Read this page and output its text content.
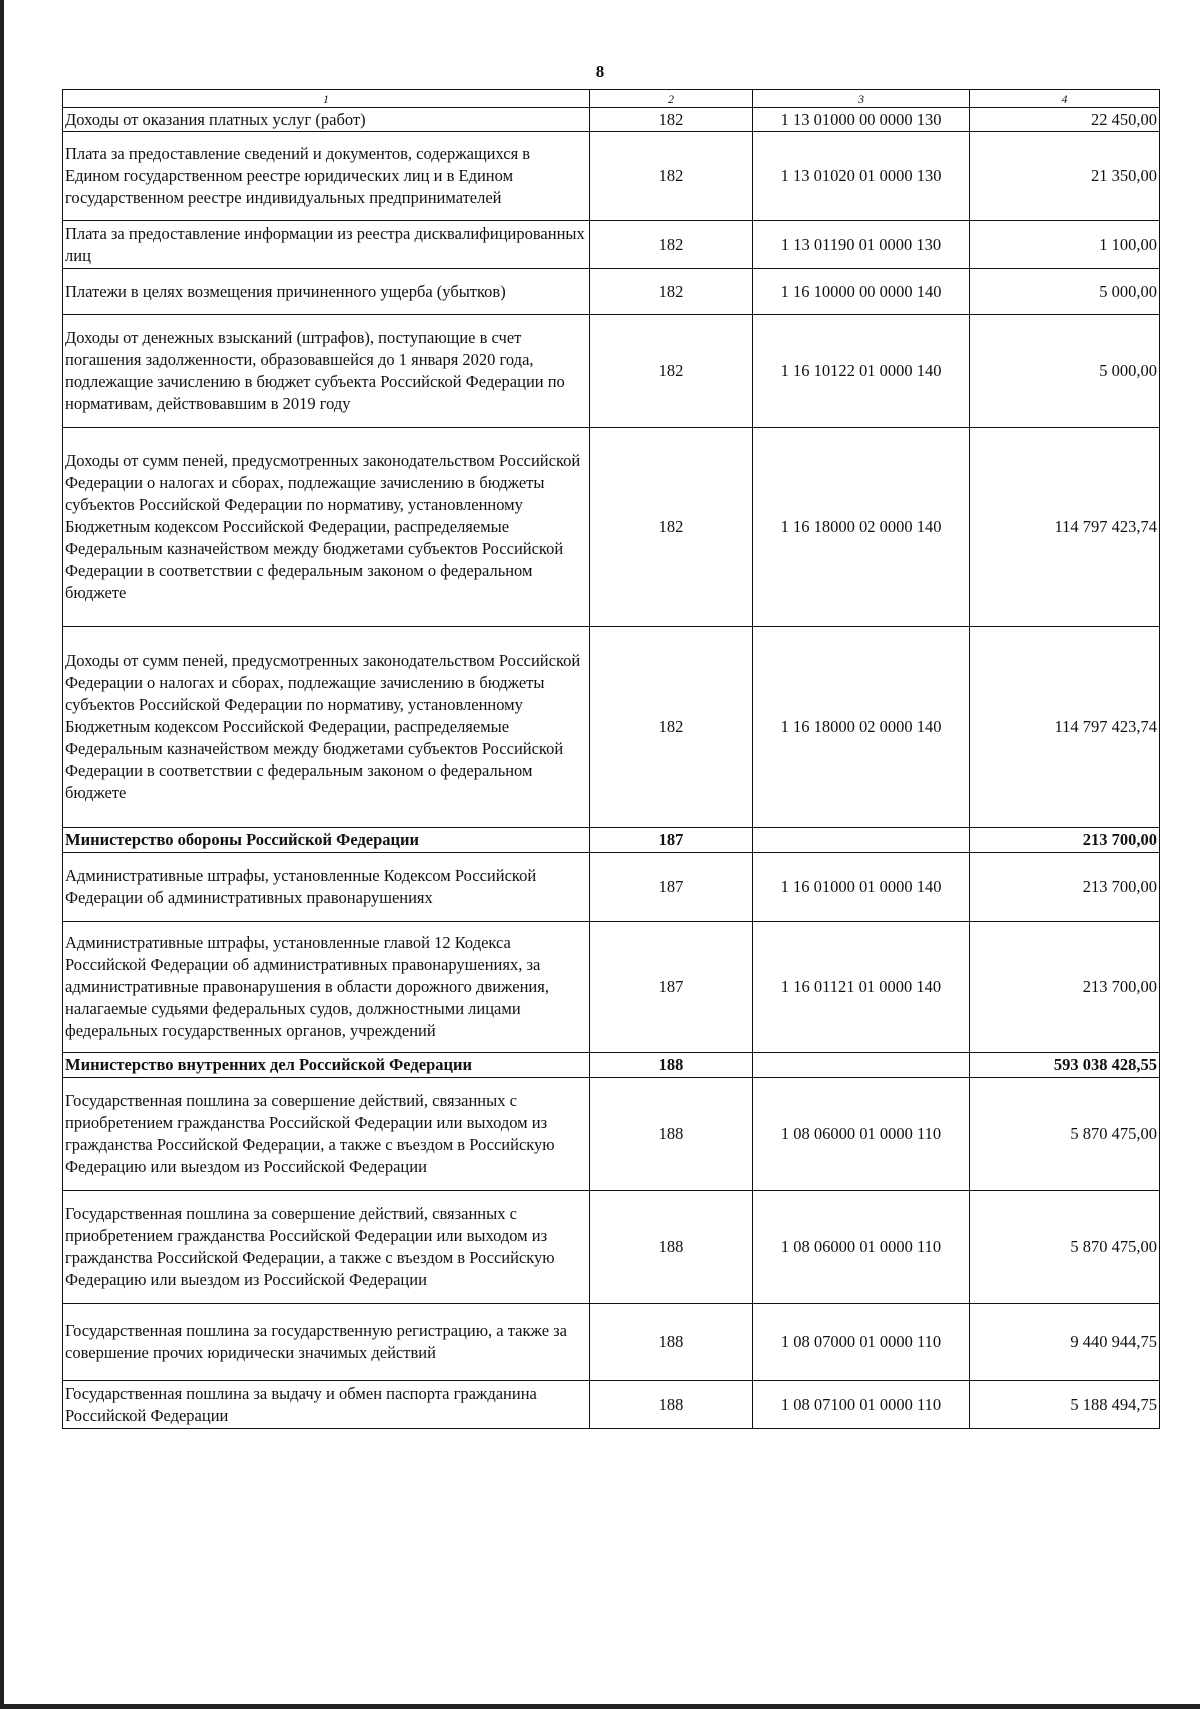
8
1	2	3	4
Доходы от оказания платных услуг (работ)	182	1 13 01000 00 0000 130	22 450,00
Плата за предоставление сведений и документов, содержащихся в Едином государственном реестре юридических лиц и в Едином государственном реестре индивидуальных предпринимателей	182	1 13 01020 01 0000 130	21 350,00
Плата за предоставление информации из реестра дисквалифицированных лиц	182	1 13 01190 01 0000 130	1 100,00
Платежи в целях возмещения причиненного ущерба (убытков)	182	1 16 10000 00 0000 140	5 000,00
Доходы от денежных взысканий (штрафов), поступающие в счет погашения задолженности, образовавшейся до 1 января 2020 года, подлежащие зачислению в бюджет субъекта Российской Федерации по нормативам, действовавшим в 2019 году	182	1 16 10122 01 0000 140	5 000,00
Доходы от сумм пеней, предусмотренных законодательством Российской Федерации о налогах и сборах, подлежащие зачислению в бюджеты субъектов Российской Федерации по нормативу, установленному Бюджетным кодексом Российской Федерации, распределяемые Федеральным казначейством между бюджетами субъектов Российской Федерации в соответствии с федеральным законом о федеральном бюджете	182	1 16 18000 02 0000 140	114 797 423,74
Доходы от сумм пеней, предусмотренных законодательством Российской Федерации о налогах и сборах, подлежащие зачислению в бюджеты субъектов Российской Федерации по нормативу, установленному Бюджетным кодексом Российской Федерации, распределяемые Федеральным казначейством между бюджетами субъектов Российской Федерации в соответствии с федеральным законом о федеральном бюджете	182	1 16 18000 02 0000 140	114 797 423,74
Министерство обороны Российской Федерации	187		213 700,00
Административные штрафы, установленные Кодексом Российской Федерации об административных правонарушениях	187	1 16 01000 01 0000 140	213 700,00
Административные штрафы, установленные главой 12 Кодекса Российской Федерации об административных правонарушениях, за административные правонарушения в области дорожного движения, налагаемые судьями федеральных судов, должностными лицами федеральных государственных органов, учреждений	187	1 16 01121 01 0000 140	213 700,00
Министерство внутренних дел Российской Федерации	188		593 038 428,55
Государственная пошлина за совершение действий, связанных с приобретением гражданства Российской Федерации или выходом из гражданства Российской Федерации, а также с въездом в Российскую Федерацию или выездом из Российской Федерации	188	1 08 06000 01 0000 110	5 870 475,00
Государственная пошлина за совершение действий, связанных с приобретением гражданства Российской Федерации или выходом из гражданства Российской Федерации, а также с въездом в Российскую Федерацию или выездом из Российской Федерации	188	1 08 06000 01 0000 110	5 870 475,00
Государственная пошлина за государственную регистрацию, а также за совершение прочих юридически значимых действий	188	1 08 07000 01 0000 110	9 440 944,75
Государственная пошлина за выдачу и обмен паспорта гражданина Российской Федерации	188	1 08 07100 01 0000 110	5 188 494,75
